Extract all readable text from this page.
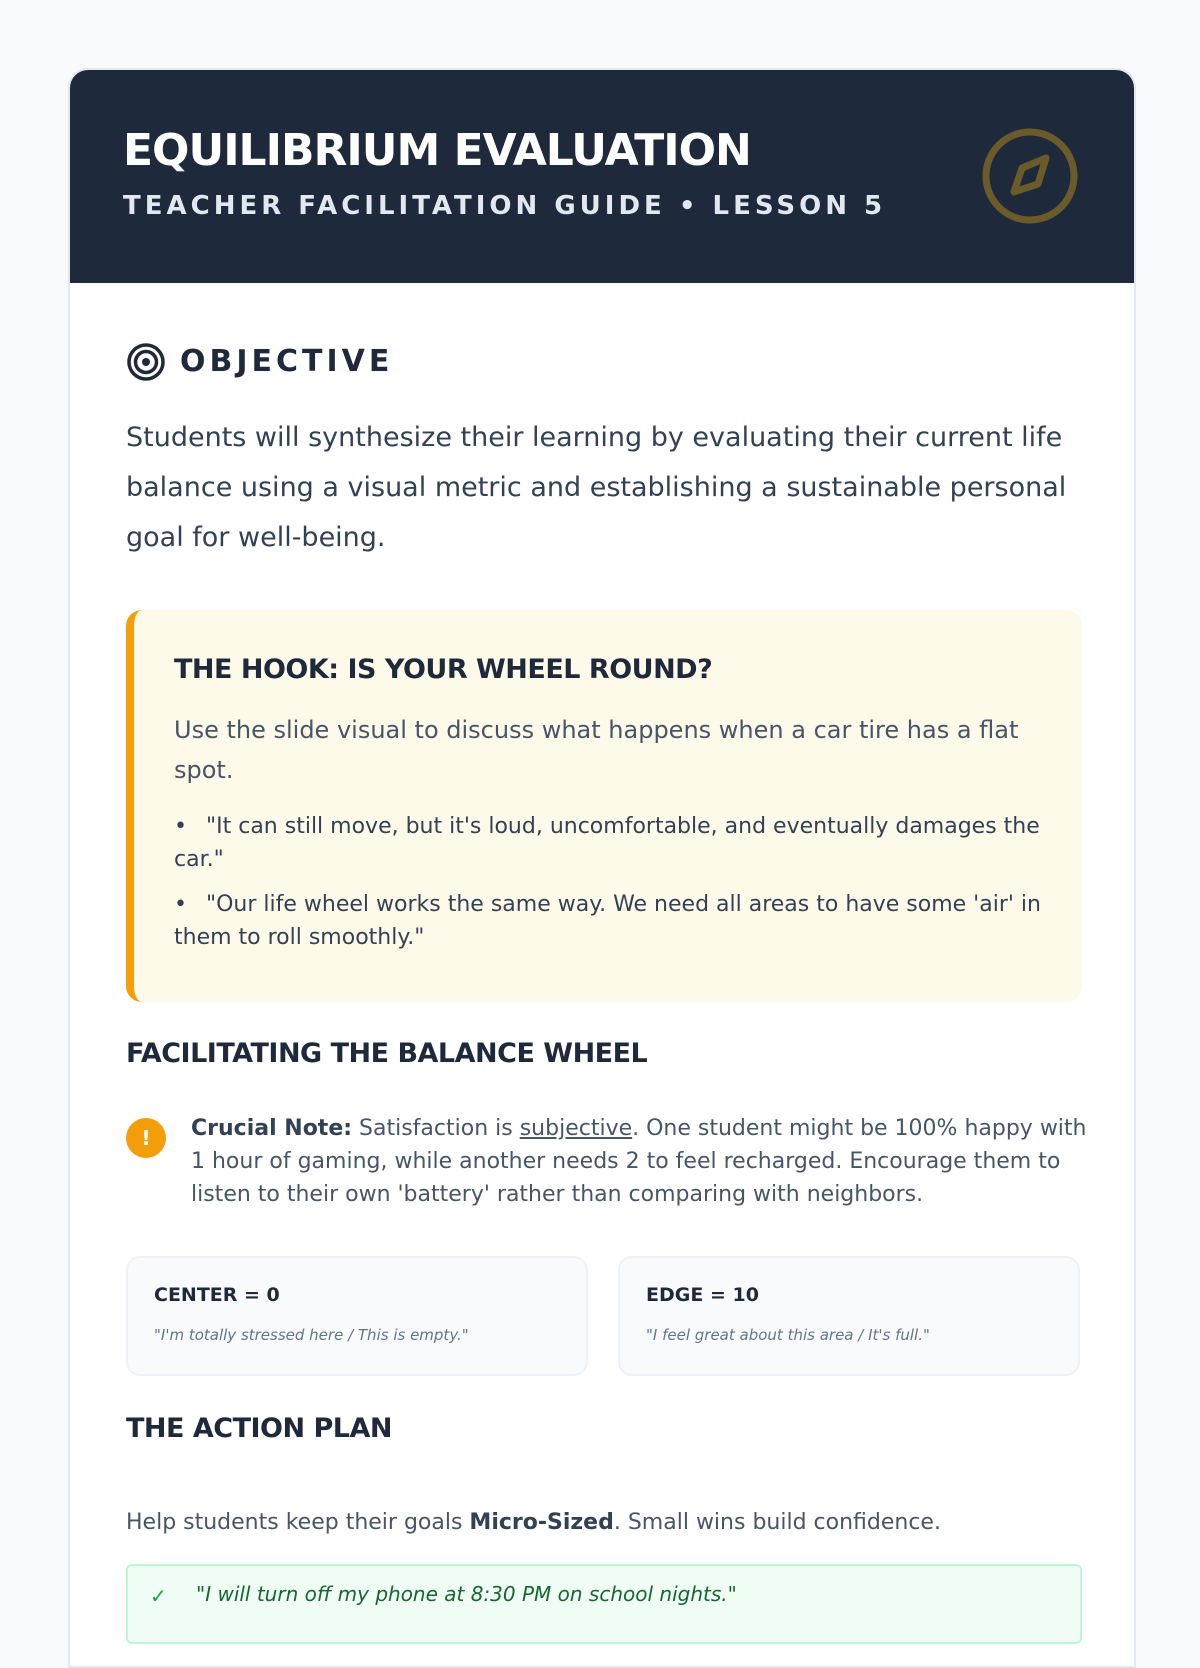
EQUILIBRIUM EVALUATION
TEACHER FACILITATION GUIDE • LESSON 5
OBJECTIVE

Students will synthesize their learning by evaluating their current life balance using a visual metric and establishing a sustainable personal goal for well-being.

THE HOOK: IS YOUR WHEEL ROUND?

Use the slide visual to discuss what happens when a car tire has a flat spot.

• "It can still move, but it's loud, uncomfortable, and eventually damages the car."
• "Our life wheel works the same way. We need all areas to have some 'air' in them to roll smoothly."
FACILITATING THE BALANCE WHEEL
!	Crucial Note: Satisfaction is subjective. One student might be 100% happy with 1 hour of gaming, while another needs 2 to feel recharged. Encourage them to listen to their own 'battery' rather than comparing with neighbors.

CENTER = 0
"I'm totally stressed here / This is empty."
EDGE = 10
"I feel great about this area / It's full."
THE ACTION PLAN

Help students keep their goals Micro-Sized. Small wins build confidence.

✓ "I will turn off my phone at 8:30 PM on school nights."
